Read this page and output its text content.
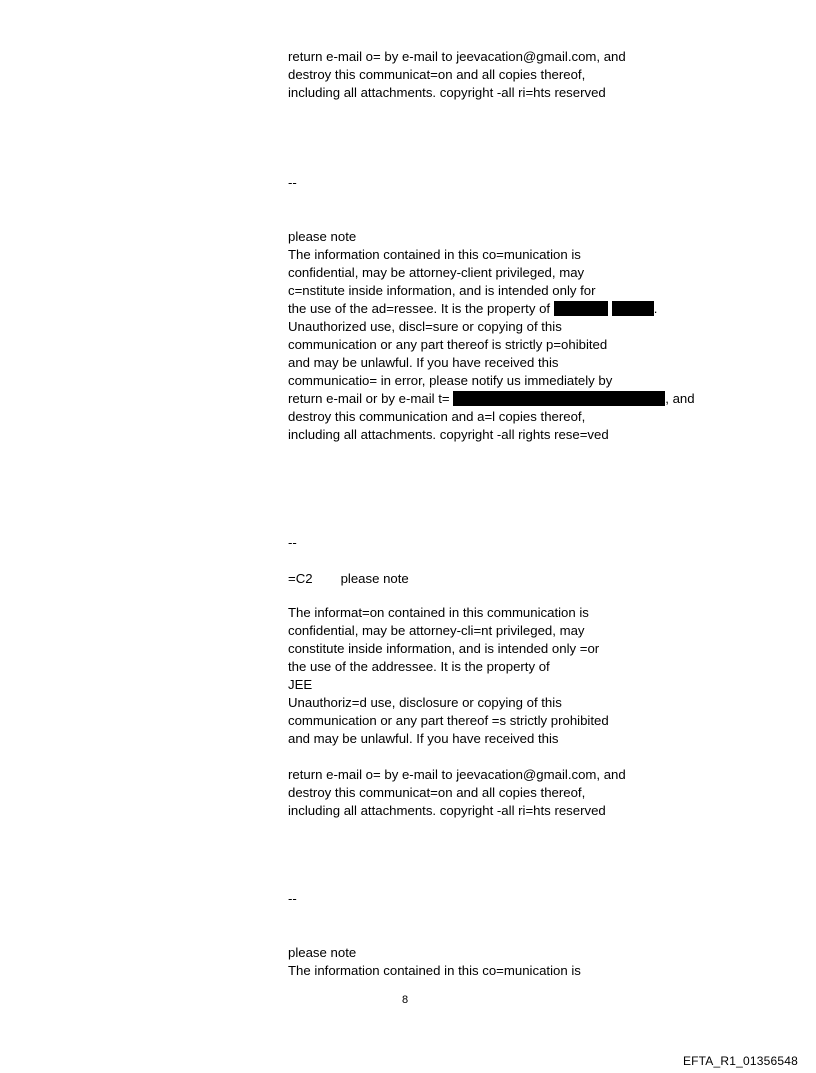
return e-mail o= by e-mail to jeevacation@gmail.com, and
destroy this communicat=on and all copies thereof,
including all attachments. copyright -all ri=hts reserved
--
please note
The information contained in this co=munication is
confidential, may be attorney-client privileged, may
c=nstitute inside information, and is intended only for
the use of the ad=ressee. It is the property of	.
Unauthorized use, discl=sure or copying of this
communication or any part thereof is strictly p=ohibited
and may be unlawful. If you have received this
communicatio= in error, please notify us immediately by
return e-mail or by e-mail t=	, and
destroy this communication and a=l copies thereof,
including all attachments. copyright -all rights rese=ved
--
=C2 please note
The informat=on contained in this communication is
confidential, may be attorney-cli=nt privileged, may
constitute inside information, and is intended only =or
the use of the addressee. It is the property of
JEE
Unauthoriz=d use, disclosure or copying of this
communication or any part thereof =s strictly prohibited
and may be unlawful. If you have received this
return e-mail o= by e-mail to jeevacation@gmail.com, and
destroy this communicat=on and all copies thereof,
including all attachments. copyright -all ri=hts reserved
--
please note
The information contained in this co=munication is
8
EFTA_R1_01356548
